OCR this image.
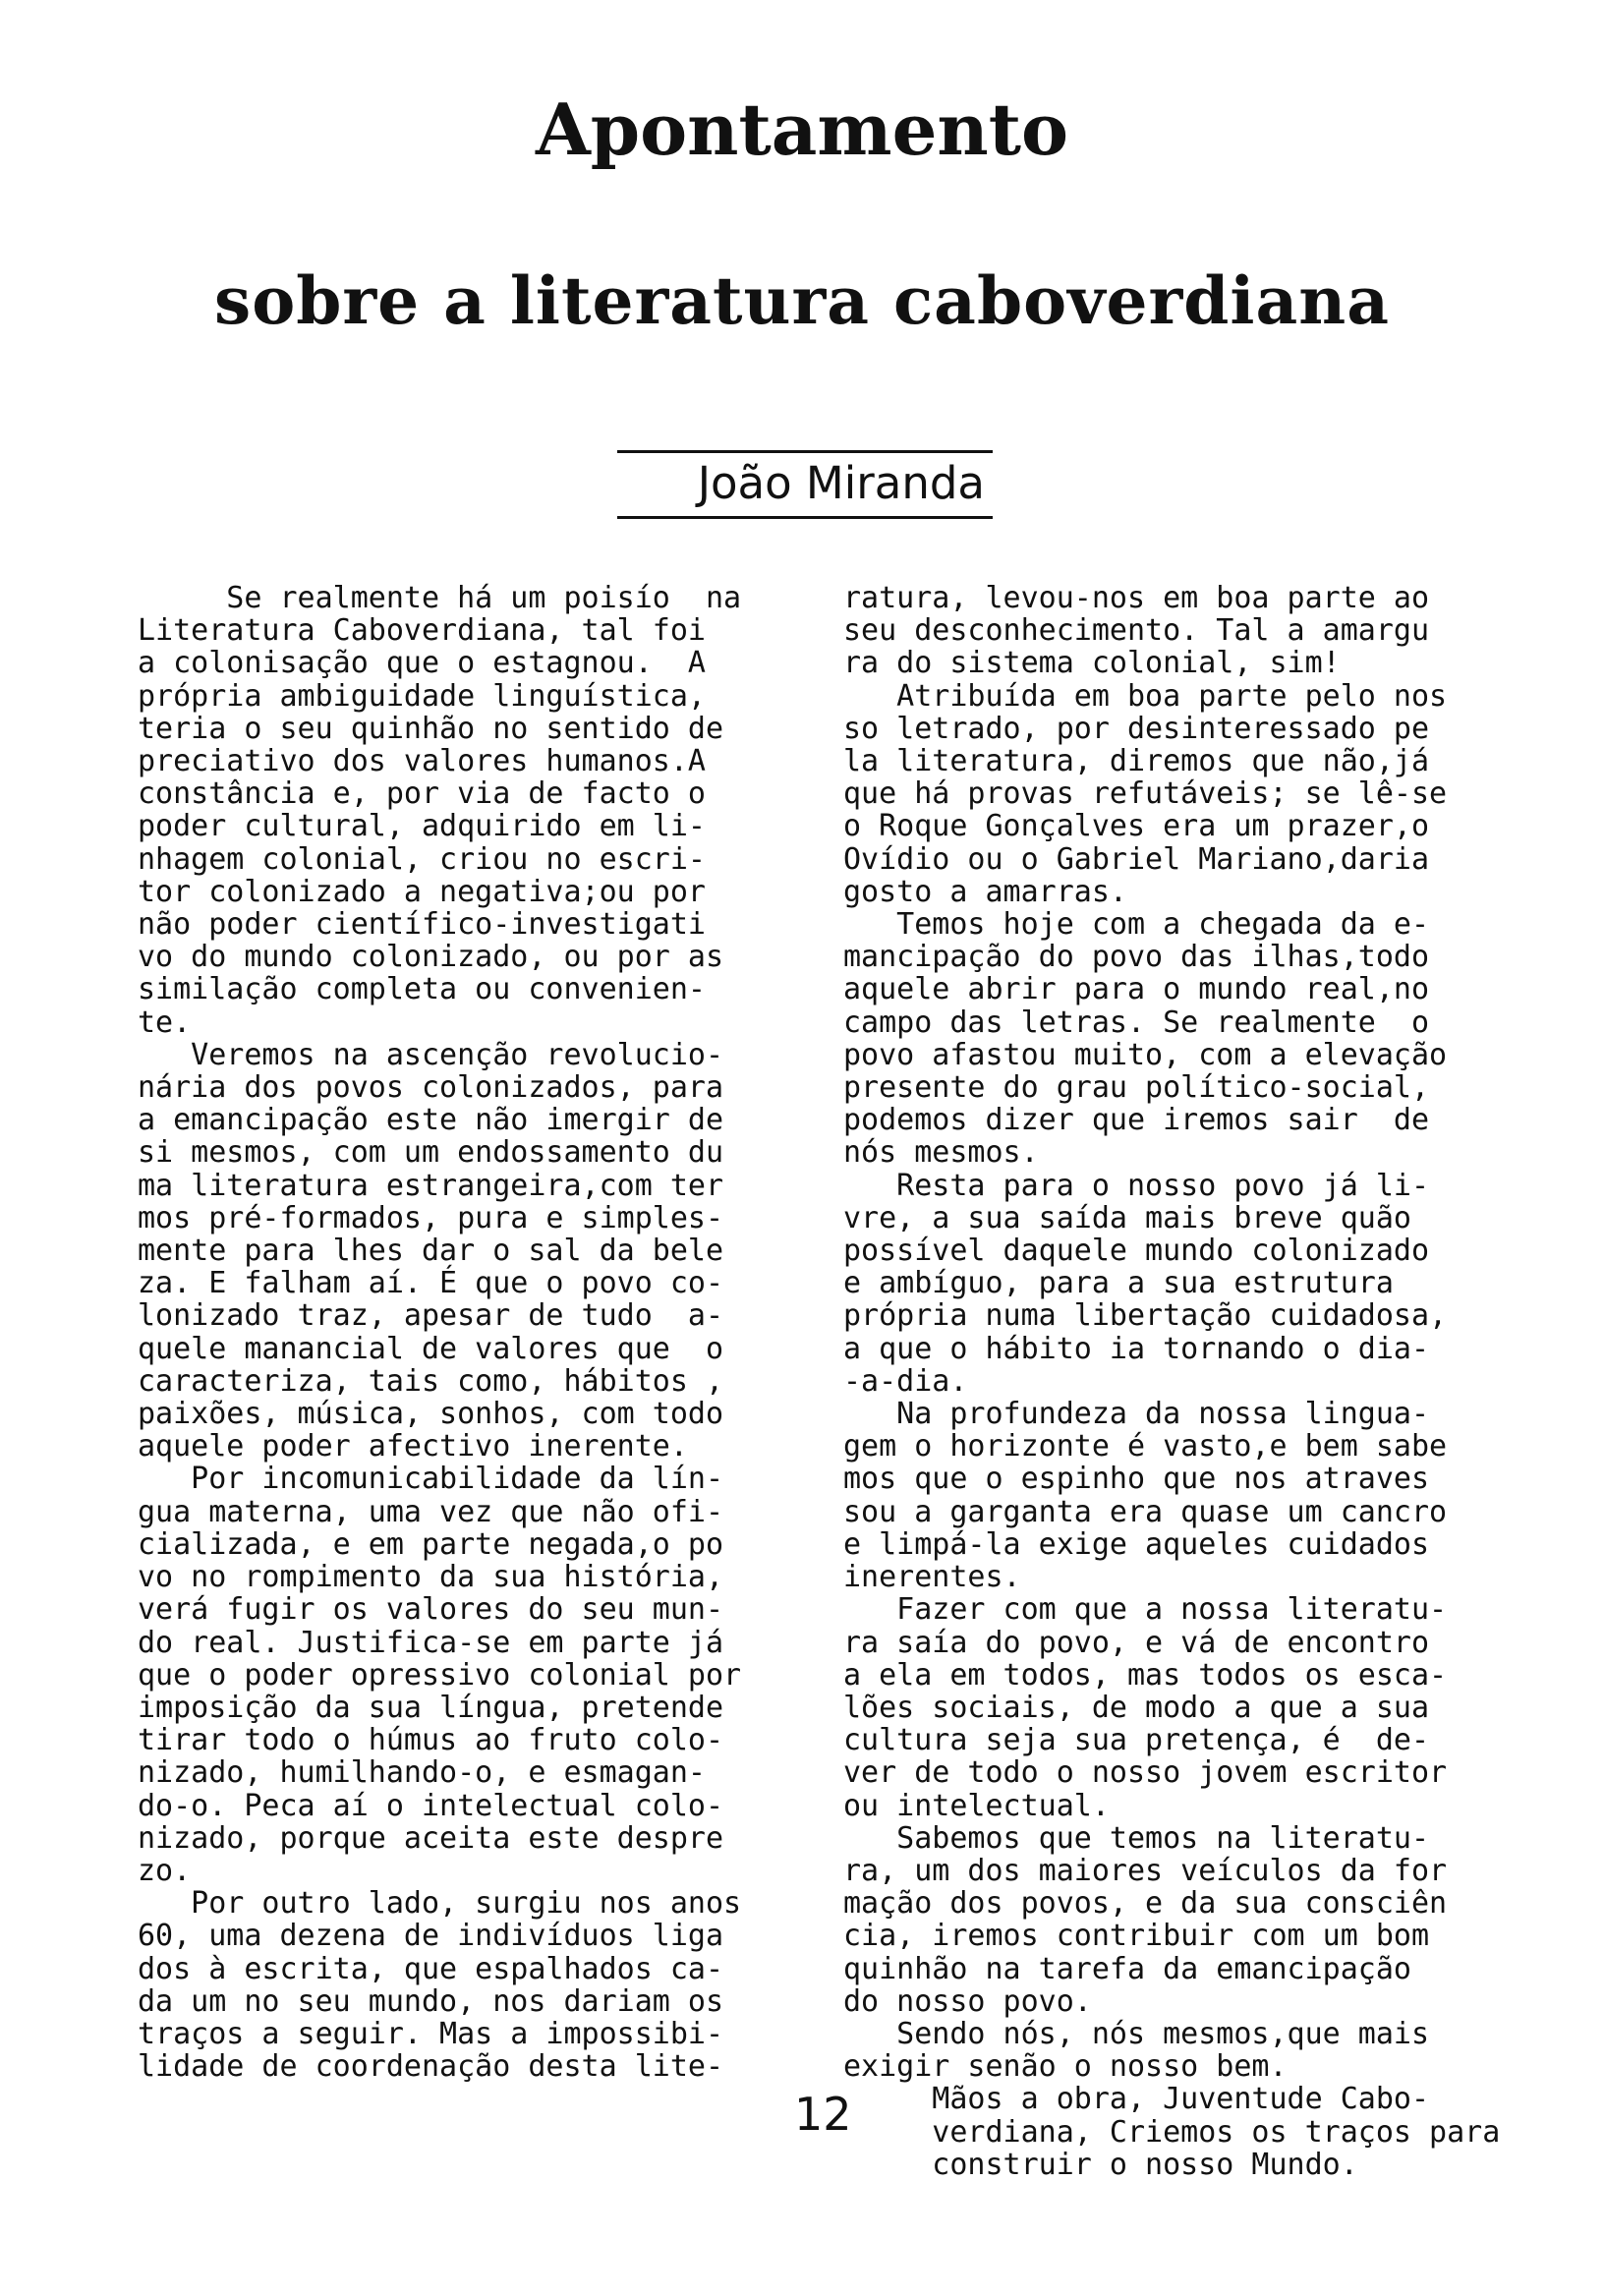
Apontamento
sobre a literatura caboverdiana

João Miranda

Se realmente há um poisío  na

Literatura Caboverdiana, tal foi

a colonisação que o estagnou.  A

própria ambiguidade linguística,

teria o seu quinhão no sentido de

preciativo dos valores humanos.A

constância e, por via de facto o

poder cultural, adquirido em li-

nhagem colonial, criou no escri-

tor colonizado a negativa;ou por

não poder científico-investigati

vo do mundo colonizado, ou por as

similação completa ou convenien-

te.

Veremos na ascenção revolucio-

nária dos povos colonizados, para

a emancipação este não imergir de

si mesmos, com um endossamento du

ma literatura estrangeira,com ter

mos pré-formados, pura e simples-

mente para lhes dar o sal da bele

za. E falham aí. É que o povo co-

lonizado traz, apesar de tudo  a-

quele manancial de valores que  o

caracteriza, tais como, hábitos ,

paixões, música, sonhos, com todo

aquele poder afectivo inerente.

Por incomunicabilidade da lín-

gua materna, uma vez que não ofi-

cializada, e em parte negada,o po

vo no rompimento da sua história,

verá fugir os valores do seu mun-

do real. Justifica-se em parte já

que o poder opressivo colonial por

imposição da sua língua, pretende

tirar todo o húmus ao fruto colo-

nizado, humilhando-o, e esmagan-

do-o. Peca aí o intelectual colo-

nizado, porque aceita este despre

zo.

Por outro lado, surgiu nos anos

60, uma dezena de indivíduos liga

dos à escrita, que espalhados ca-

da um no seu mundo, nos dariam os

traços a seguir. Mas a impossibi-

lidade de coordenação desta lite-

ratura, levou-nos em boa parte ao

seu desconhecimento. Tal a amargu

ra do sistema colonial, sim!

Atribuída em boa parte pelo nos

so letrado, por desinteressado pe

la literatura, diremos que não,já

que há provas refutáveis; se lê-se

o Roque Gonçalves era um prazer,o

Ovídio ou o Gabriel Mariano,daria

gosto a amarras.

Temos hoje com a chegada da e-

mancipação do povo das ilhas,todo

aquele abrir para o mundo real,no

campo das letras. Se realmente  o

povo afastou muito, com a elevação

presente do grau político-social,

podemos dizer que iremos sair  de

nós mesmos.

Resta para o nosso povo já li-

vre, a sua saída mais breve quão

possível daquele mundo colonizado

e ambíguo, para a sua estrutura

própria numa libertação cuidadosa,

a que o hábito ia tornando o dia-

-a-dia.

Na profundeza da nossa lingua-

gem o horizonte é vasto,e bem sabe

mos que o espinho que nos atraves

sou a garganta era quase um cancro

e limpá-la exige aqueles cuidados

inerentes.

Fazer com que a nossa literatu-

ra saía do povo, e vá de encontro

a ela em todos, mas todos os esca-

lões sociais, de modo a que a sua

cultura seja sua pretença, é  de-

ver de todo o nosso jovem escritor

ou intelectual.

Sabemos que temos na literatu-

ra, um dos maiores veículos da for

mação dos povos, e da sua consciên

cia, iremos contribuir com um bom

quinhão na tarefa da emancipação

do nosso povo.

Sendo nós, nós mesmos,que mais

exigir senão o nosso bem.

Mãos a obra, Juventude Cabo-

verdiana, Criemos os traços para

construir o nosso Mundo.

12
